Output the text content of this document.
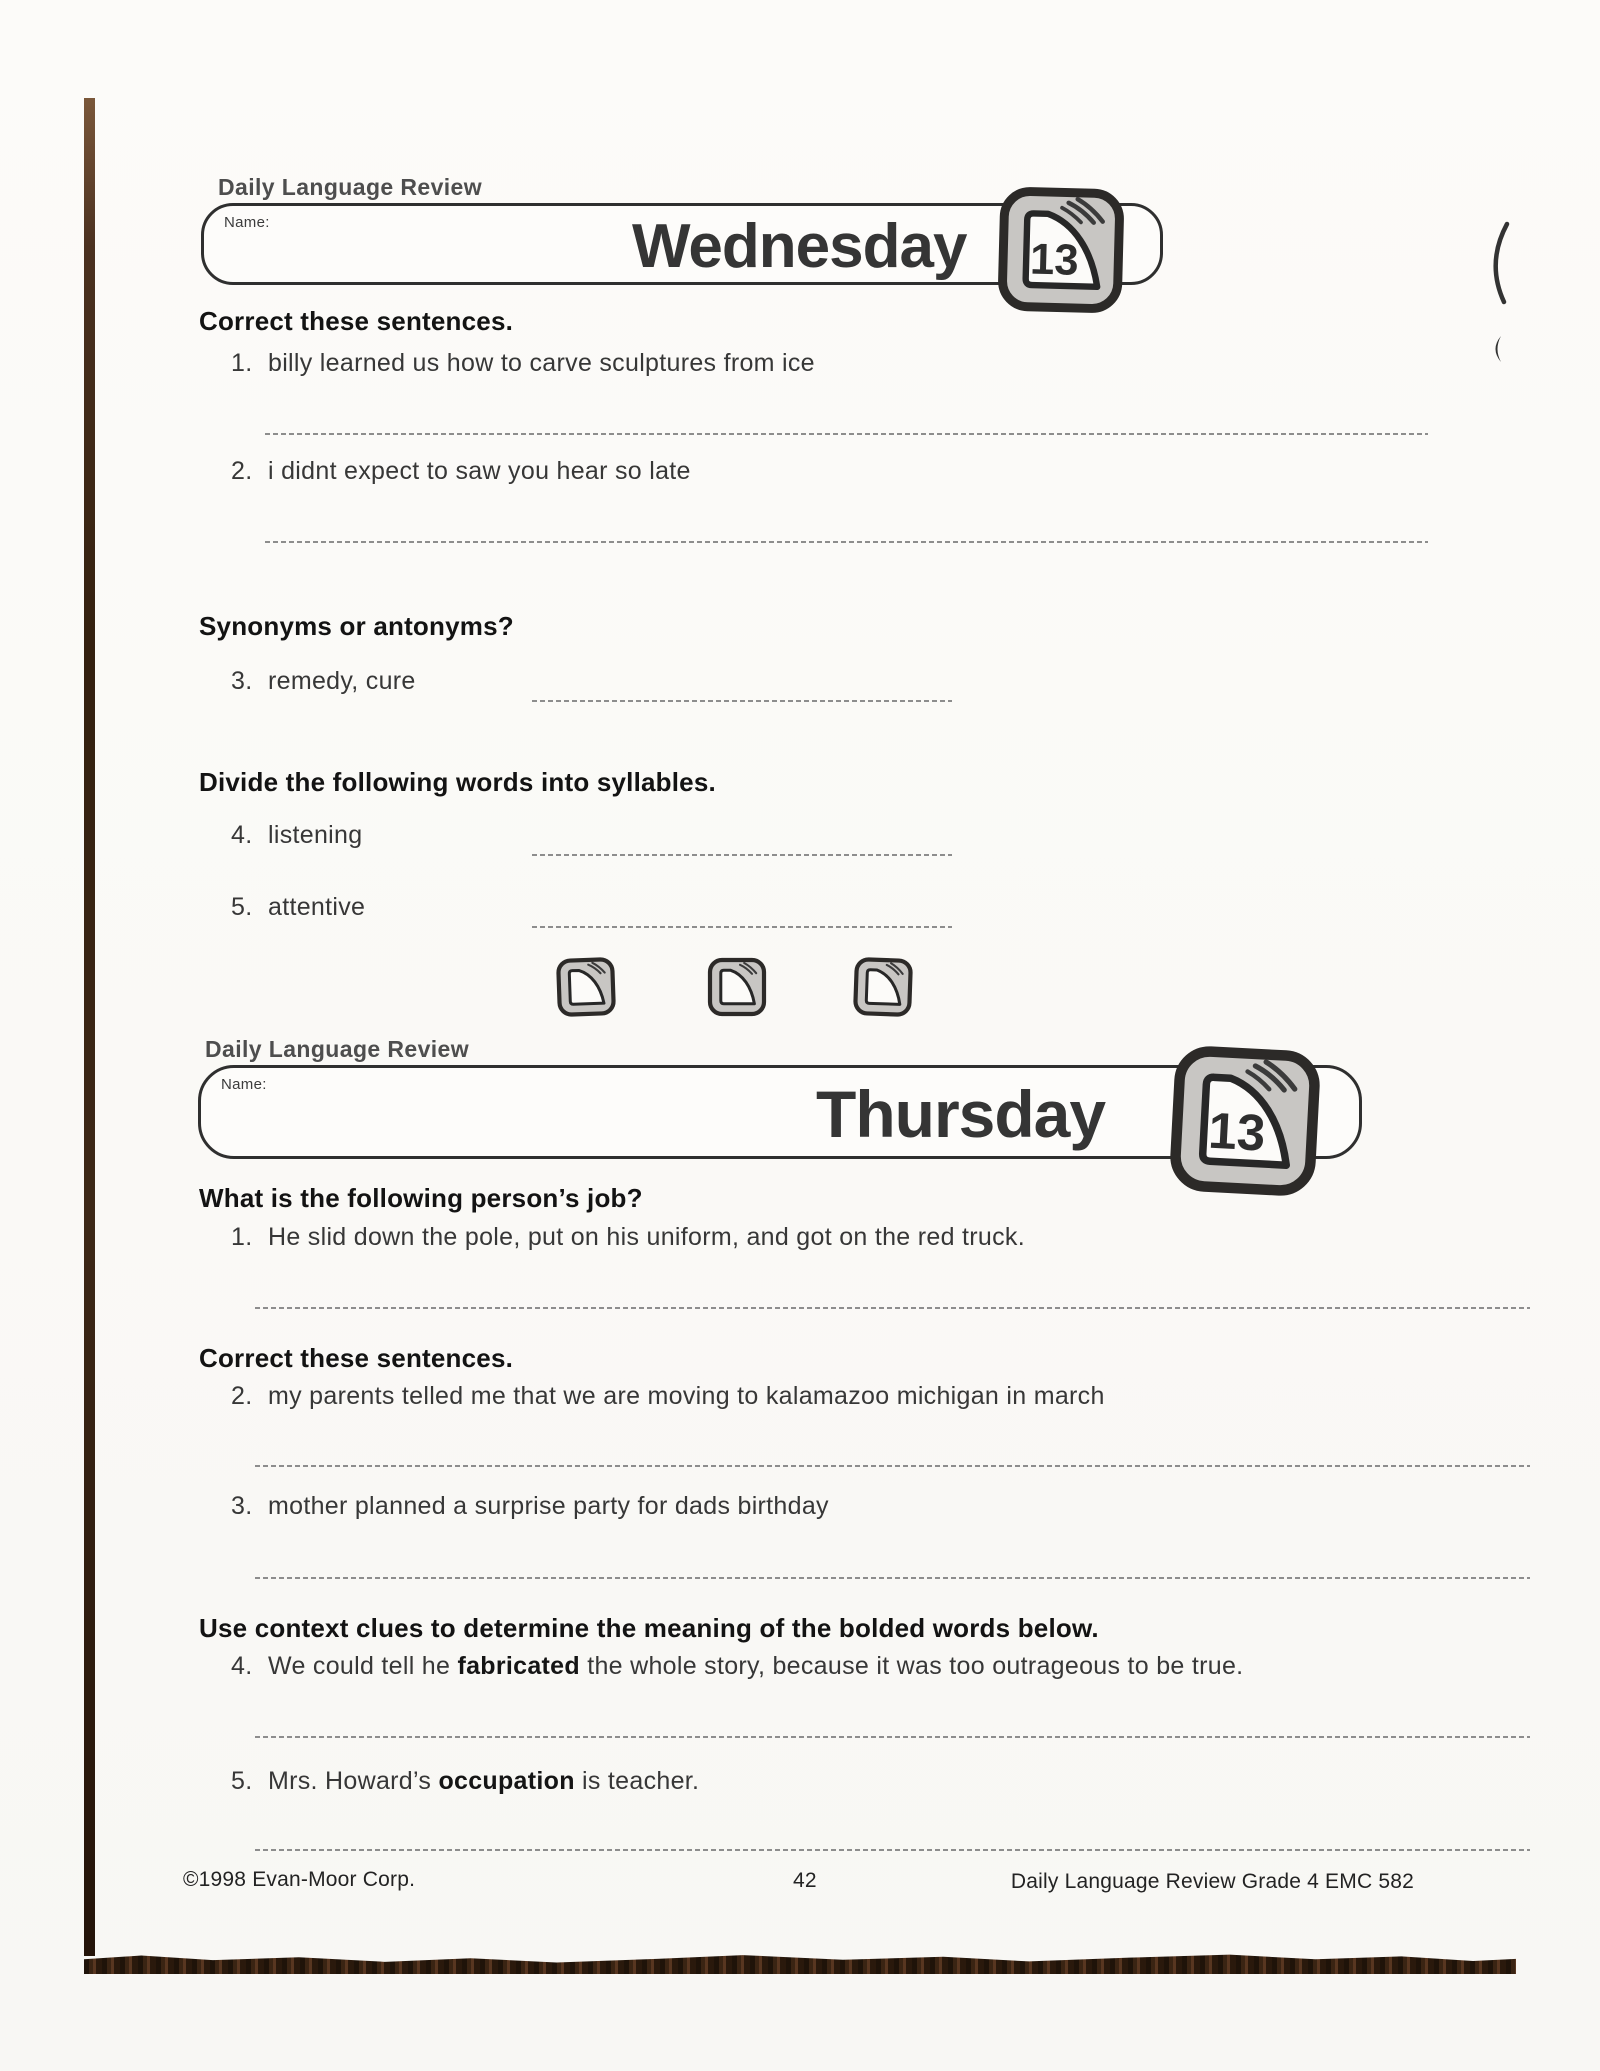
Daily Language Review
Name:	Wednesday 13
Correct these sentences.
1. billy learned us how to carve sculptures from ice
2. i didnt expect to saw you hear so late
Synonyms or antonyms?
3. remedy, cure
Divide the following words into syllables.
4. listening
5. attentive
Daily Language Review
Name:	Thursday	13
What is the following person’s job?
1. He slid down the pole, put on his uniform, and got on the red truck.
Correct these sentences.
2. my parents telled me that we are moving to kalamazoo michigan in march
3. mother planned a surprise party for dads birthday
Use context clues to determine the meaning of the bolded words below.
4. We could tell he fabricated the whole story, because it was too outrageous to be true.
5. Mrs. Howard’s occupation is teacher.
©1998 Evan-Moor Corp.	42	Daily Language Review Grade 4 EMC 582
